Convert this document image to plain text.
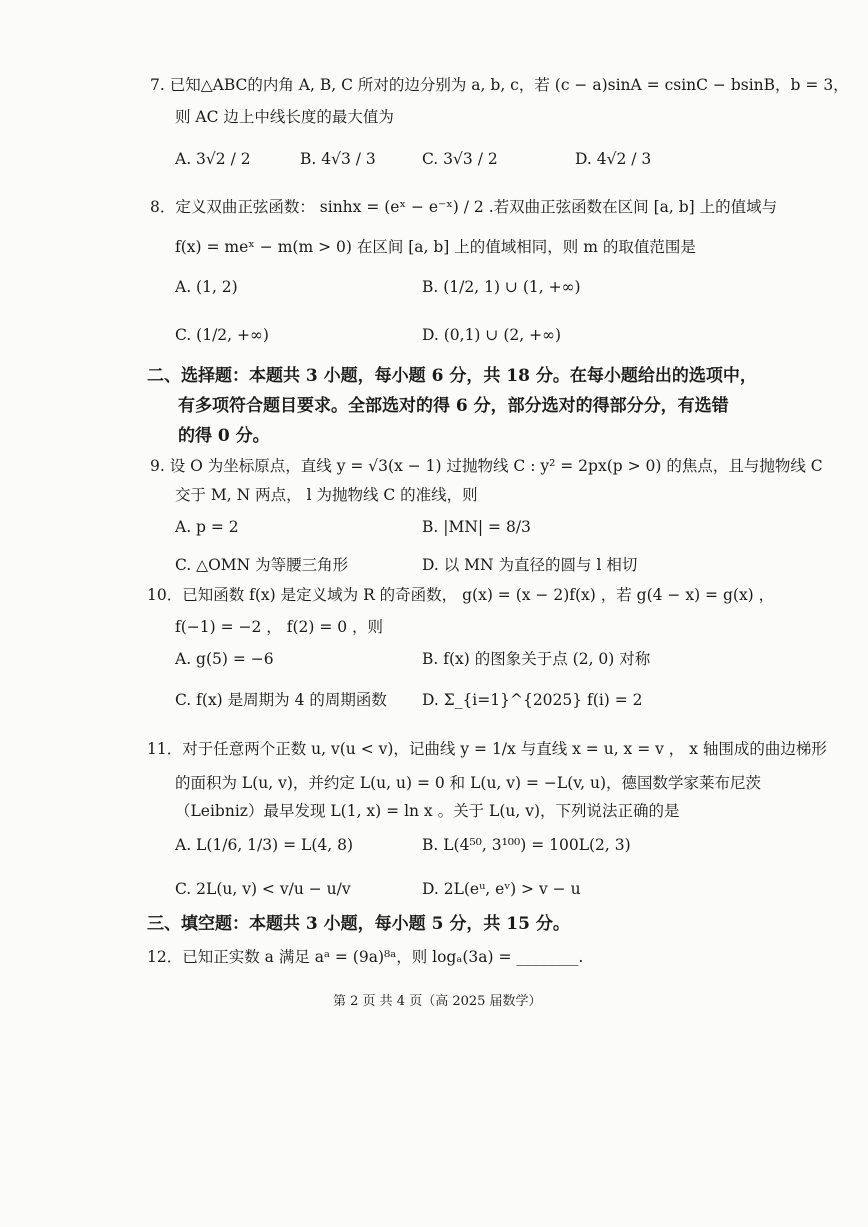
7. 已知△ABC的内角 A, B, C 所对的边分别为 a, b, c，若 (c − a)sinA = csinC − bsinB，b = 3，
则 AC 边上中线长度的最大值为
A. 3√2 / 2	B. 4√3 / 3	C. 3√3 / 2	D. 4√2 / 3
8．定义双曲正弦函数： sinhx = (eˣ − e⁻ˣ) / 2 .若双曲正弦函数在区间 [a, b] 上的值域与
f(x) = meˣ − m(m > 0) 在区间 [a, b] 上的值域相同，则 m 的取值范围是
A. (1, 2)	B. (1/2, 1) ∪ (1, +∞)
C. (1/2, +∞)	D. (0,1) ∪ (2, +∞)
二、选择题：本题共 3 小题，每小题 6 分，共 18 分。在每小题给出的选项中，
有多项符合题目要求。全部选对的得 6 分，部分选对的得部分分，有选错
的得 0 分。
9. 设 O 为坐标原点，直线 y = √3(x − 1) 过抛物线 C : y² = 2px(p > 0) 的焦点，且与抛物线 C
交于 M, N 两点， l 为抛物线 C 的准线，则
A. p = 2	B. |MN| = 8/3
C. △OMN 为等腰三角形	D. 以 MN 为直径的圆与 l 相切
10．已知函数 f(x) 是定义域为 R 的奇函数， g(x) = (x − 2)f(x) ，若 g(4 − x) = g(x) ，
f(−1) = −2 ， f(2) = 0 ，则
A. g(5) = −6	B. f(x) 的图象关于点 (2, 0) 对称
C. f(x) 是周期为 4 的周期函数 D. Σ_{i=1}^{2025} f(i) = 2
11．对于任意两个正数 u, v(u < v)，记曲线 y = 1/x 与直线 x = u, x = v ， x 轴围成的曲边梯形
的面积为 L(u, v)，并约定 L(u, u) = 0 和 L(u, v) = −L(v, u)，德国数学家莱布尼茨
（Leibniz）最早发现 L(1, x) = ln x 。关于 L(u, v)，下列说法正确的是
A. L(1/6, 1/3) = L(4, 8)	B. L(4⁵⁰, 3¹⁰⁰) = 100L(2, 3)
C. 2L(u, v) < v/u − u/v	D. 2L(eᵘ, eᵛ) > v − u
三、填空题：本题共 3 小题，每小题 5 分，共 15 分。
12．已知正实数 a 满足 aᵃ = (9a)⁸ᵃ，则 logₐ(3a) = ________.
第 2 页 共 4 页（高 2025 届数学）
